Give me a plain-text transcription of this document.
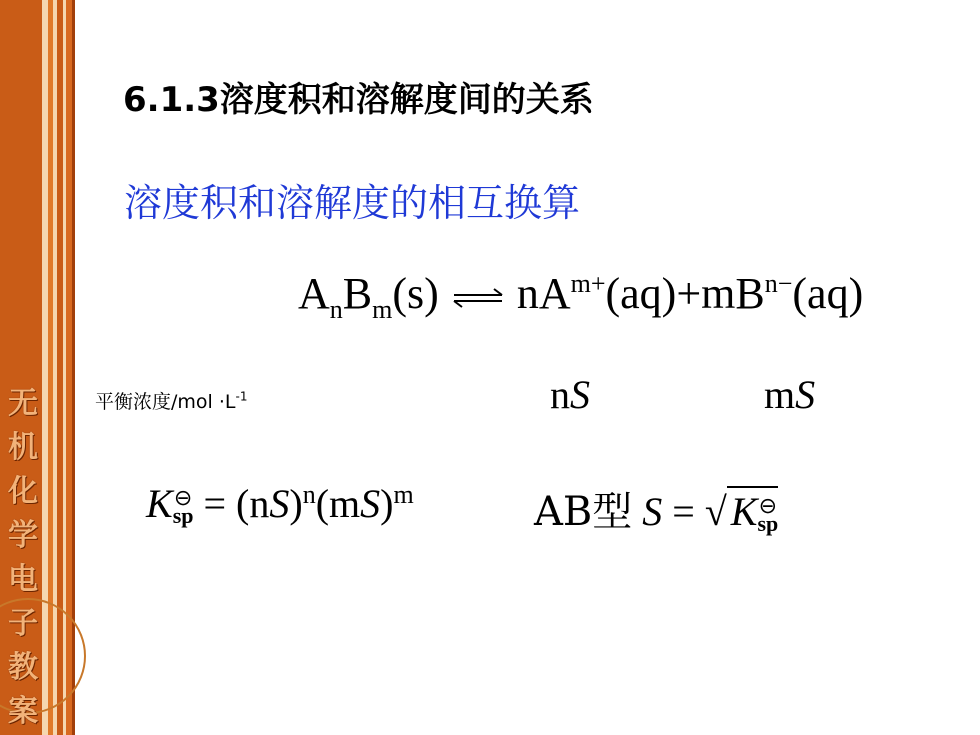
无
机
化
学
电
子
教
案
6.1.3溶度积和溶解度间的关系
溶度积和溶解度的相互换算
$A_nB_m(s)$ ⇌ $nA^{m+}(aq)+mB^{n-}(aq)$
平衡浓度$/mol \cdot L^{-1}$	nS	mS
K ⊖
sp = (nS)$^n$(mS)$^m$	AB型 S = √ K ⊖
sp
